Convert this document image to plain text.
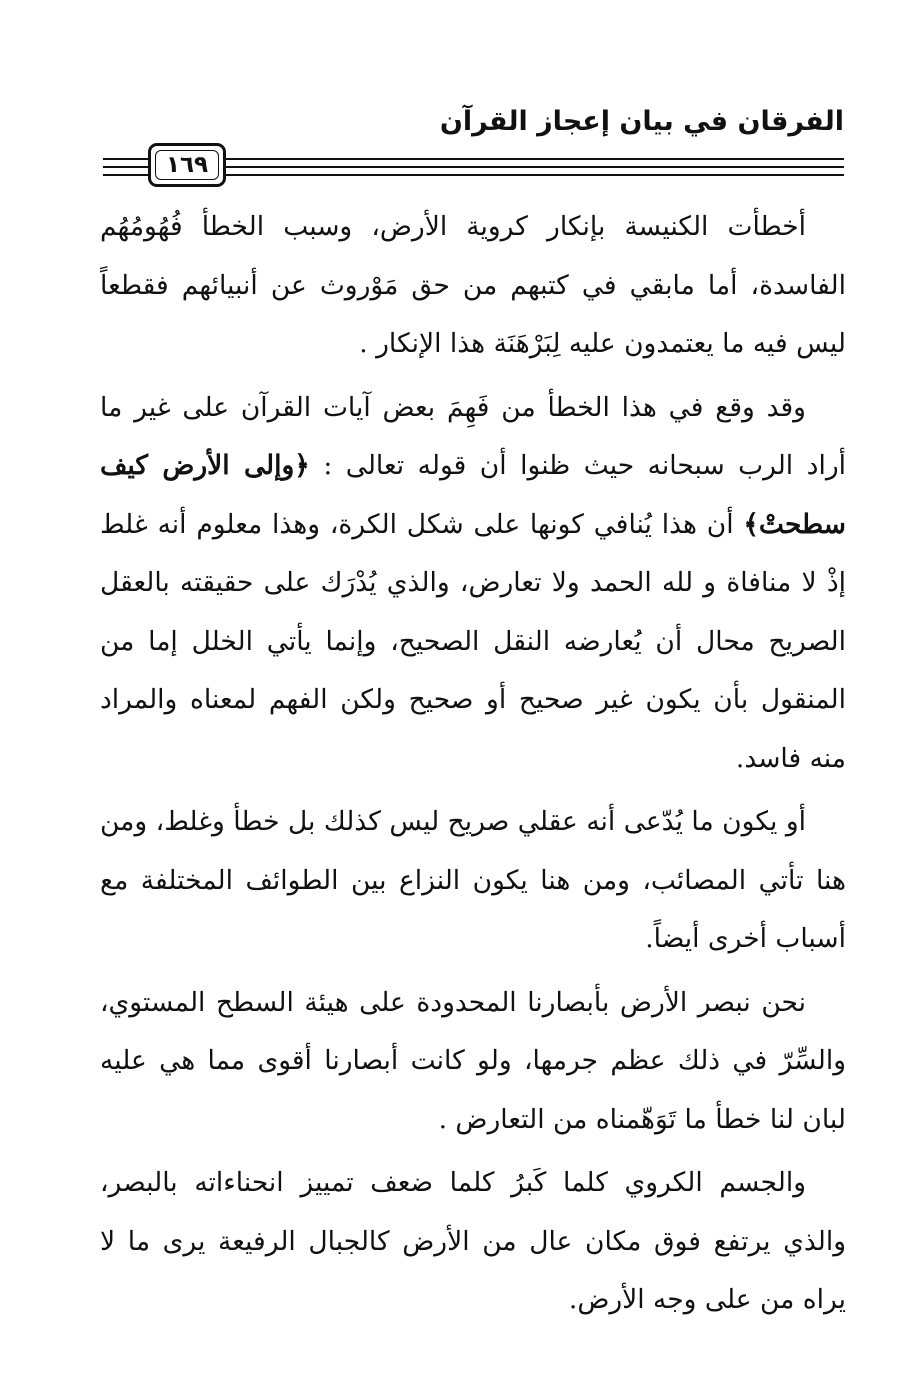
الفرقان في بيان إعجاز القرآن
١٦٩

أخطأت الكنيسة بإنكار كروية الأرض، وسبب الخطأ فُهُومُهُم الفاسدة، أما مابقي في كتبهم من حق مَوْروث عن أنبيائهم فقطعاً ليس فيه ما يعتمدون عليه لِبَرْهَنَة هذا الإنكار .

وقد وقع في هذا الخطأ من فَهِمَ بعض آيات القرآن على غير ما أراد الرب سبحانه حيث ظنوا أن قوله تعالى : ﴿وإلى الأرض كيف سطحتْ﴾ أن هذا يُنافي كونها على شكل الكرة، وهذا معلوم أنه غلط إذْ لا منافاة و لله الحمد ولا تعارض، والذي يُدْرَك على حقيقته بالعقل الصريح محال أن يُعارضه النقل الصحيح، وإنما يأتي الخلل إما من المنقول بأن يكون غير صحيح أو صحيح ولكن الفهم لمعناه والمراد منه فاسد.

أو يكون ما يُدّعى أنه عقلي صريح ليس كذلك بل خطأ وغلط، ومن هنا تأتي المصائب، ومن هنا يكون النزاع بين الطوائف المختلفة مع أسباب أخرى أيضاً.

نحن نبصر الأرض بأبصارنا المحدودة على هيئة السطح المستوي، والسِّرّ في ذلك عظم جرمها، ولو كانت أبصارنا أقوى مما هي عليه لبان لنا خطأ ما تَوَهّمناه من التعارض .

والجسم الكروي كلما كَبرُ كلما ضعف تمييز انحناءاته بالبصر، والذي يرتفع فوق مكان عال من الأرض كالجبال الرفيعة يرى ما لا يراه من على وجه الأرض.
